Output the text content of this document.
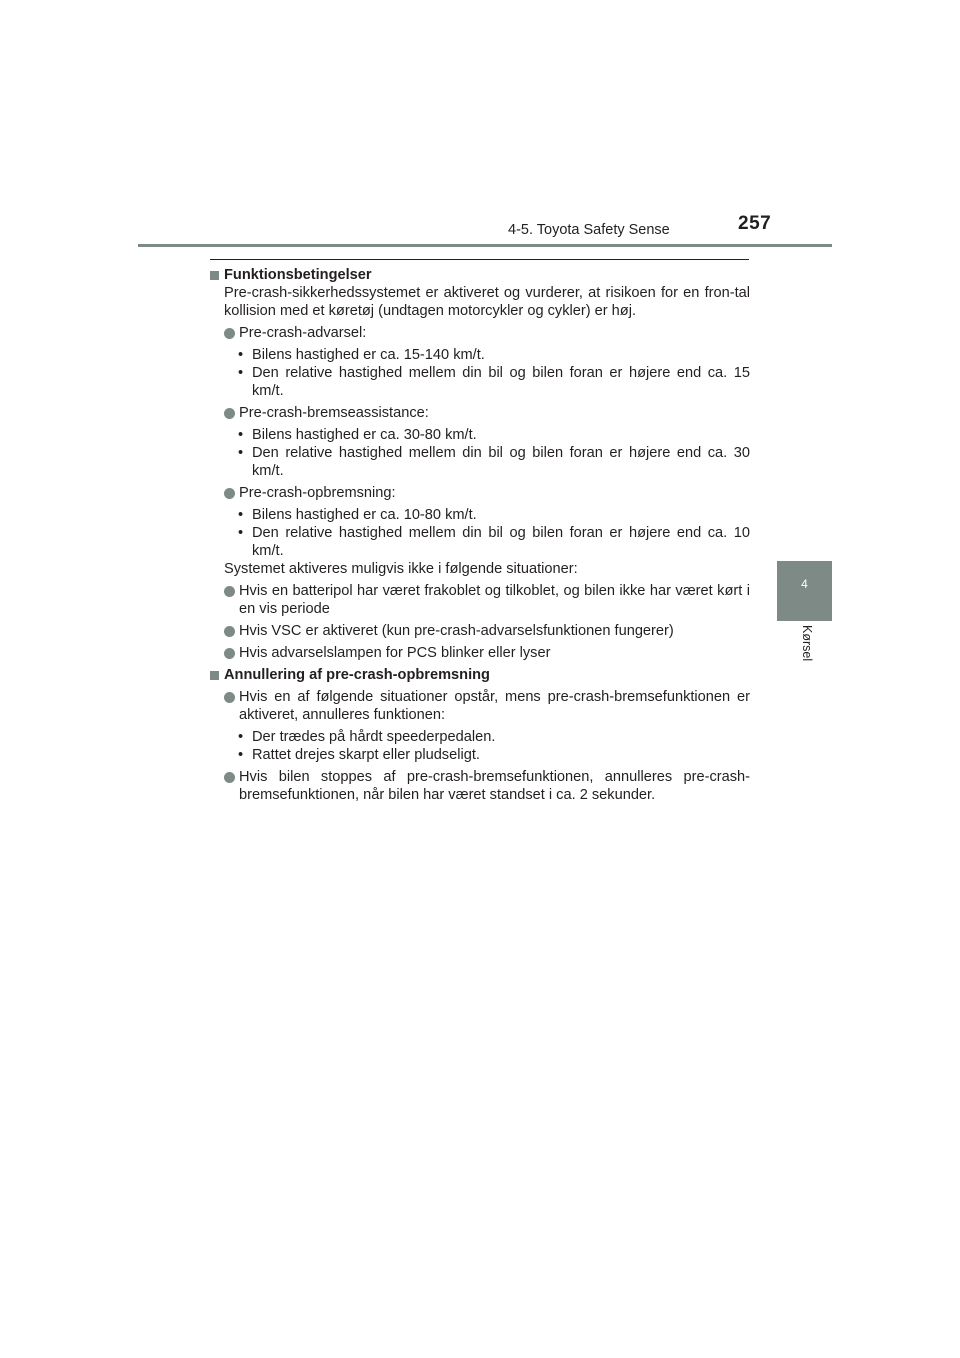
4-5. Toyota Safety Sense	257
4
Kørsel
Funktionsbetingelser

Pre-crash-sikkerhedssystemet er aktiveret og vurderer, at risikoen for en fron-tal kollision med et køretøj (undtagen motorcykler og cykler) er høj.

Pre-crash-advarsel:
• Bilens hastighed er ca. 15-140 km/t.
• Den relative hastighed mellem din bil og bilen foran er højere end ca. 15 km/t.
Pre-crash-bremseassistance:
• Bilens hastighed er ca. 30-80 km/t.
• Den relative hastighed mellem din bil og bilen foran er højere end ca. 30 km/t.
Pre-crash-opbremsning:
• Bilens hastighed er ca. 10-80 km/t.
• Den relative hastighed mellem din bil og bilen foran er højere end ca. 10 km/t.

Systemet aktiveres muligvis ikke i følgende situationer:

Hvis en batteripol har været frakoblet og tilkoblet, og bilen ikke har været kørt i en vis periode
Hvis VSC er aktiveret (kun pre-crash-advarselsfunktionen fungerer)
Hvis advarselslampen for PCS blinker eller lyser
Annullering af pre-crash-opbremsning
Hvis en af følgende situationer opstår, mens pre-crash-bremsefunktionen er aktiveret, annulleres funktionen:
• Der trædes på hårdt speederpedalen.
• Rattet drejes skarpt eller pludseligt.
Hvis bilen stoppes af pre-crash-bremsefunktionen, annulleres pre-crash-bremsefunktionen, når bilen har været standset i ca. 2 sekunder.
